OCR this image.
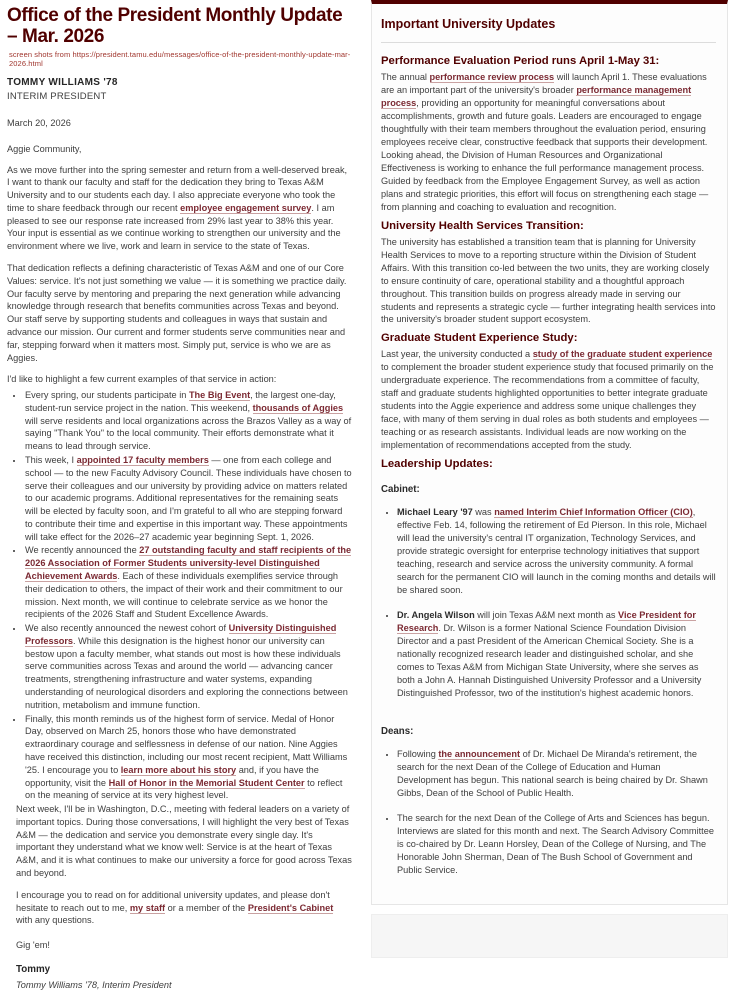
Office of the President Monthly Update – Mar. 2026
screen shots from https://president.tamu.edu/messages/office-of-the-president-monthly-update-mar-2026.html
TOMMY WILLIAMS '78
INTERIM PRESIDENT
March 20, 2026
Aggie Community,

As we move further into the spring semester and return from a well-deserved break, I want to thank our faculty and staff for the dedication they bring to Texas A&M University and to our students each day. I also appreciate everyone who took the time to share feedback through our recent employee engagement survey. I am pleased to see our response rate increased from 29% last year to 38% this year. Your input is essential as we continue working to strengthen our university and the environment where we live, work and learn in service to the state of Texas.

That dedication reflects a defining characteristic of Texas A&M and one of our Core Values: service. It's not just something we value — it is something we practice daily. Our faculty serve by mentoring and preparing the next generation while advancing knowledge through research that benefits communities across Texas and beyond. Our staff serve by supporting students and colleagues in ways that sustain and advance our mission. Our current and former students serve communities near and far, stepping forward when it matters most. Simply put, service is who we are as Aggies.

I'd like to highlight a few current examples of that service in action:

• Every spring, our students participate in The Big Event, the largest one-day, student-run service project in the nation. This weekend, thousands of Aggies will serve residents and local organizations across the Brazos Valley as a way of saying "Thank You" to the local community. Their efforts demonstrate what it means to lead through service.
• This week, I appointed 17 faculty members — one from each college and school — to the new Faculty Advisory Council. These individuals have chosen to serve their colleagues and our university by providing advice on matters related to our academic programs. Additional representatives for the remaining seats will be elected by faculty soon, and I'm grateful to all who are stepping forward to contribute their time and expertise in this important way. These appointments will take effect for the 2026–27 academic year beginning Sept. 1, 2026.
• We recently announced the 27 outstanding faculty and staff recipients of the 2026 Association of Former Students university-level Distinguished Achievement Awards. Each of these individuals exemplifies service through their dedication to others, the impact of their work and their commitment to our mission. Next month, we will continue to celebrate service as we honor the recipients of the 2026 Staff and Student Excellence Awards.
• We also recently announced the newest cohort of University Distinguished Professors. While this designation is the highest honor our university can bestow upon a faculty member, what stands out most is how these individuals serve communities across Texas and around the world — advancing cancer treatments, strengthening infrastructure and water systems, expanding understanding of neurological disorders and exploring the connections between nutrition, metabolism and immune function.
• Finally, this month reminds us of the highest form of service. Medal of Honor Day, observed on March 25, honors those who have demonstrated extraordinary courage and selflessness in defense of our nation. Nine Aggies have received this distinction, including our most recent recipient, Matt Williams '25. I encourage you to learn more about his story and, if you have the opportunity, visit the Hall of Honor in the Memorial Student Center to reflect on the meaning of service at its very highest level.

Next week, I'll be in Washington, D.C., meeting with federal leaders on a variety of important topics. During those conversations, I will highlight the very best of Texas A&M — the dedication and service you demonstrate every single day. It's important they understand what we know well: Service is at the heart of Texas A&M, and it is what continues to make our university a force for good across Texas and beyond.

I encourage you to read on for additional university updates, and please don't hesitate to reach out to me, my staff or a member of the President's Cabinet with any questions.

Gig 'em!

Tommy
Tommy Williams '78, Interim President
Important University Updates
Performance Evaluation Period runs April 1-May 31:

The annual performance review process will launch April 1. These evaluations are an important part of the university's broader performance management process, providing an opportunity for meaningful conversations about accomplishments, growth and future goals. Leaders are encouraged to engage thoughtfully with their team members throughout the evaluation period, ensuring employees receive clear, constructive feedback that supports their development. Looking ahead, the Division of Human Resources and Organizational Effectiveness is working to enhance the full performance management process. Guided by feedback from the Employee Engagement Survey, as well as action plans and strategic priorities, this effort will focus on strengthening each stage — from planning and coaching to evaluation and recognition.

University Health Services Transition:

The university has established a transition team that is planning for University Health Services to move to a reporting structure within the Division of Student Affairs. With this transition co-led between the two units, they are working closely to ensure continuity of care, operational stability and a thoughtful approach throughout. This transition builds on progress already made in serving our students and represents a strategic cycle — further integrating health services into the university's broader student support ecosystem.

Graduate Student Experience Study:

Last year, the university conducted a study of the graduate student experience to complement the broader student experience study that focused primarily on the undergraduate experience. The recommendations from a committee of faculty, staff and graduate students highlighted opportunities to better integrate graduate students into the Aggie experience and address some unique challenges they face, with many of them serving in dual roles as both students and employees — teaching or as research assistants. Individual leads are now working on the implementation of recommendations accepted from the study.

Leadership Updates:
Cabinet:
• Michael Leary '97 was named Interim Chief Information Officer (CIO), effective Feb. 14, following the retirement of Ed Pierson. In this role, Michael will lead the university's central IT organization, Technology Services, and provide strategic oversight for enterprise technology initiatives that support teaching, research and service across the university community. A formal search for the permanent CIO will launch in the coming months and details will be shared soon.
• Dr. Angela Wilson will join Texas A&M next month as Vice President for Research. Dr. Wilson is a former National Science Foundation Division Director and a past President of the American Chemical Society. She is a nationally recognized research leader and distinguished scholar, and she comes to Texas A&M from Michigan State University, where she serves as both a John A. Hannah Distinguished University Professor and a University Distinguished Professor, two of the institution's highest academic honors.
Deans:
• Following the announcement of Dr. Michael De Miranda's retirement, the search for the next Dean of the College of Education and Human Development has begun. This national search is being chaired by Dr. Shawn Gibbs, Dean of the School of Public Health.
• The search for the next Dean of the College of Arts and Sciences has begun. Interviews are slated for this month and next. The Search Advisory Committee is co-chaired by Dr. Leann Horsley, Dean of the College of Nursing, and The Honorable John Sherman, Dean of The Bush School of Government and Public Service.
